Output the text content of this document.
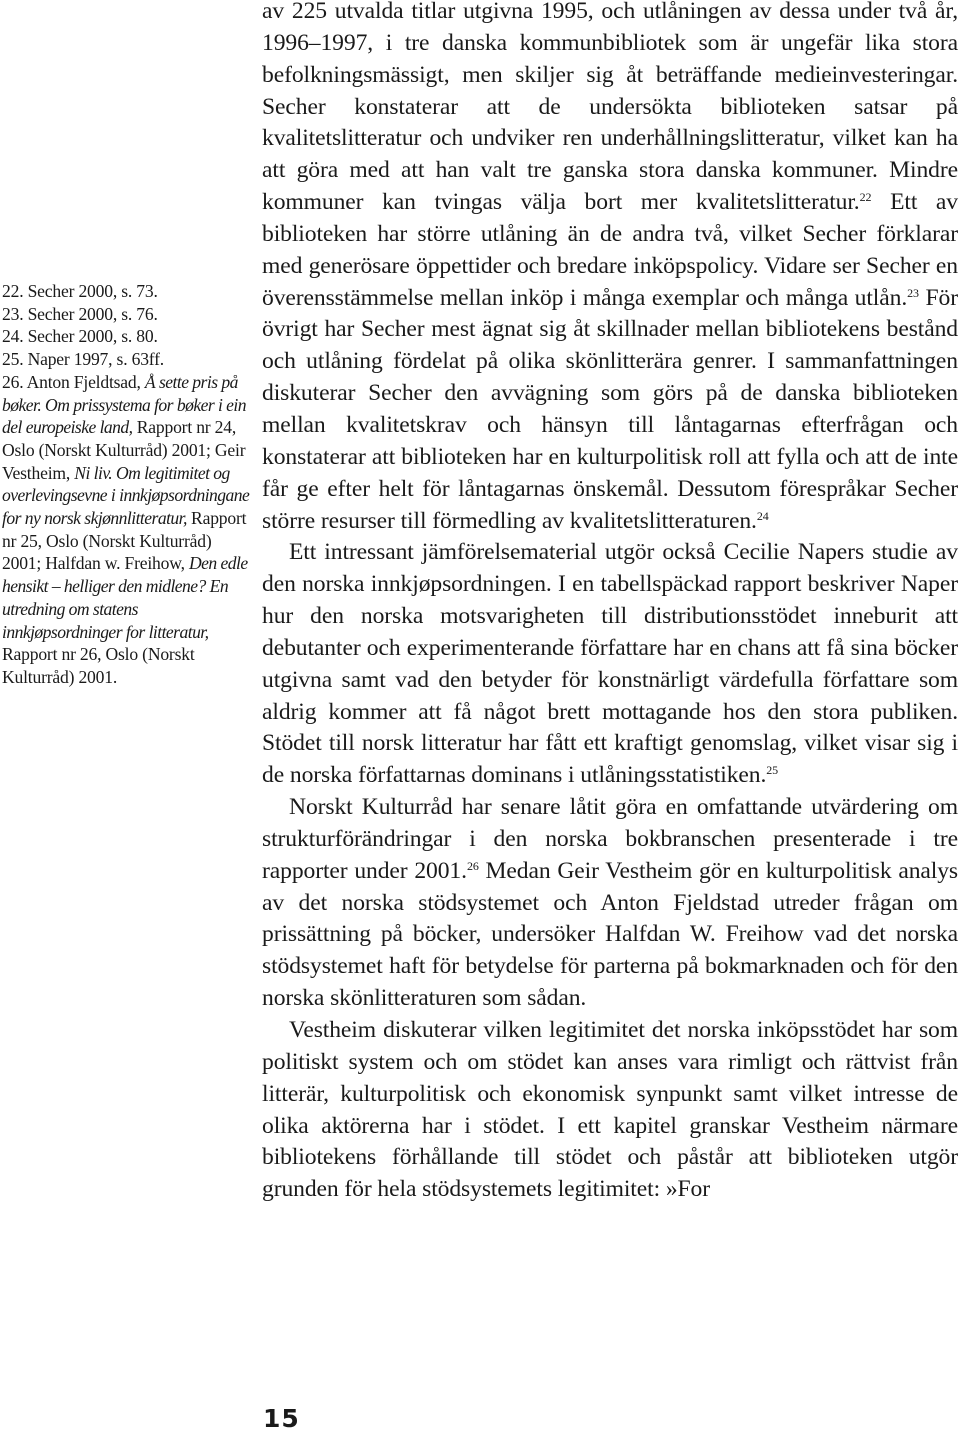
22. Secher 2000, s. 73.

23. Secher 2000, s. 76.

24. Secher 2000, s. 80.

25. Naper 1997, s. 63ff.

26. Anton Fjeldtsad, Å sette pris på bøker. Om prissystema for bøker i ein del europeiske land, Rapport nr 24, Oslo (Norskt Kulturråd) 2001; Geir Vestheim, Ni liv. Om legitimitet og overlevingsevne i innkjøpsordningane for ny norsk skjønnlitteratur, Rapport nr 25, Oslo (Norskt Kulturråd) 2001; Halfdan w. Freihow, Den edle hensikt – helliger den midlene? En utredning om statens innkjøpsordninger for litteratur, Rapport nr 26, Oslo (Norskt Kulturråd) 2001.

av 225 utvalda titlar utgivna 1995, och utlåningen av dessa under två år, 1996–1997, i tre danska kommunbibliotek som är ungefär lika stora befolkningsmässigt, men skiljer sig åt beträffande medieinvesteringar. Secher konstaterar att de undersökta biblioteken satsar på kvalitetslitteratur och undviker ren underhållningslitteratur, vilket kan ha att göra med att han valt tre ganska stora danska kommuner. Mindre kommuner kan tvingas välja bort mer kvalitetslitteratur.$^{22}$ Ett av biblioteken har större utlåning än de andra två, vilket Secher förklarar med generösare öppettider och bredare inköpspolicy. Vidare ser Secher en överensstämmelse mellan inköp i många exemplar och många utlån.$^{23}$ För övrigt har Secher mest ägnat sig åt skillnader mellan bibliotekens bestånd och utlåning fördelat på olika skönlitterära genrer. I sammanfattningen diskuterar Secher den avvägning som görs på de danska biblioteken mellan kvalitetskrav och hänsyn till låntagarnas efterfrågan och konstaterar att biblioteken har en kulturpolitisk roll att fylla och att de inte får ge efter helt för låntagarnas önskemål. Dessutom förespråkar Secher större resurser till förmedling av kvalitetslitteraturen.$^{24}$

Ett intressant jämförelsematerial utgör också Cecilie Napers studie av den norska innkjøpsordningen. I en tabellspäckad rapport beskriver Naper hur den norska motsvarigheten till distributionsstödet inneburit att debutanter och experimenterande författare har en chans att få sina böcker utgivna samt vad den betyder för konstnärligt värdefulla författare som aldrig kommer att få något brett mottagande hos den stora publiken. Stödet till norsk litteratur har fått ett kraftigt genomslag, vilket visar sig i de norska författarnas dominans i utlåningsstatistiken.$^{25}$

Norskt Kulturråd har senare låtit göra en omfattande utvärdering om strukturförändringar i den norska bokbranschen presenterade i tre rapporter under 2001.26 Medan Geir Vestheim gör en kulturpolitisk analys av det norska stödsystemet och Anton Fjeldstad utreder frågan om prissättning på böcker, undersöker Halfdan W. Freihow vad det norska stödsystemet haft för betydelse för parterna på bokmarknaden och för den norska skönlitteraturen som sådan.

Vestheim diskuterar vilken legitimitet det norska inköpsstödet har som politiskt system och om stödet kan anses vara rimligt och rättvist från litterär, kulturpolitisk och ekonomisk synpunkt samt vilket intresse de olika aktörerna har i stödet. I ett kapitel granskar Vestheim närmare bibliotekens förhållande till stödet och påstår att biblioteken utgör grunden för hela stödsystemets legitimitet: »For

15
